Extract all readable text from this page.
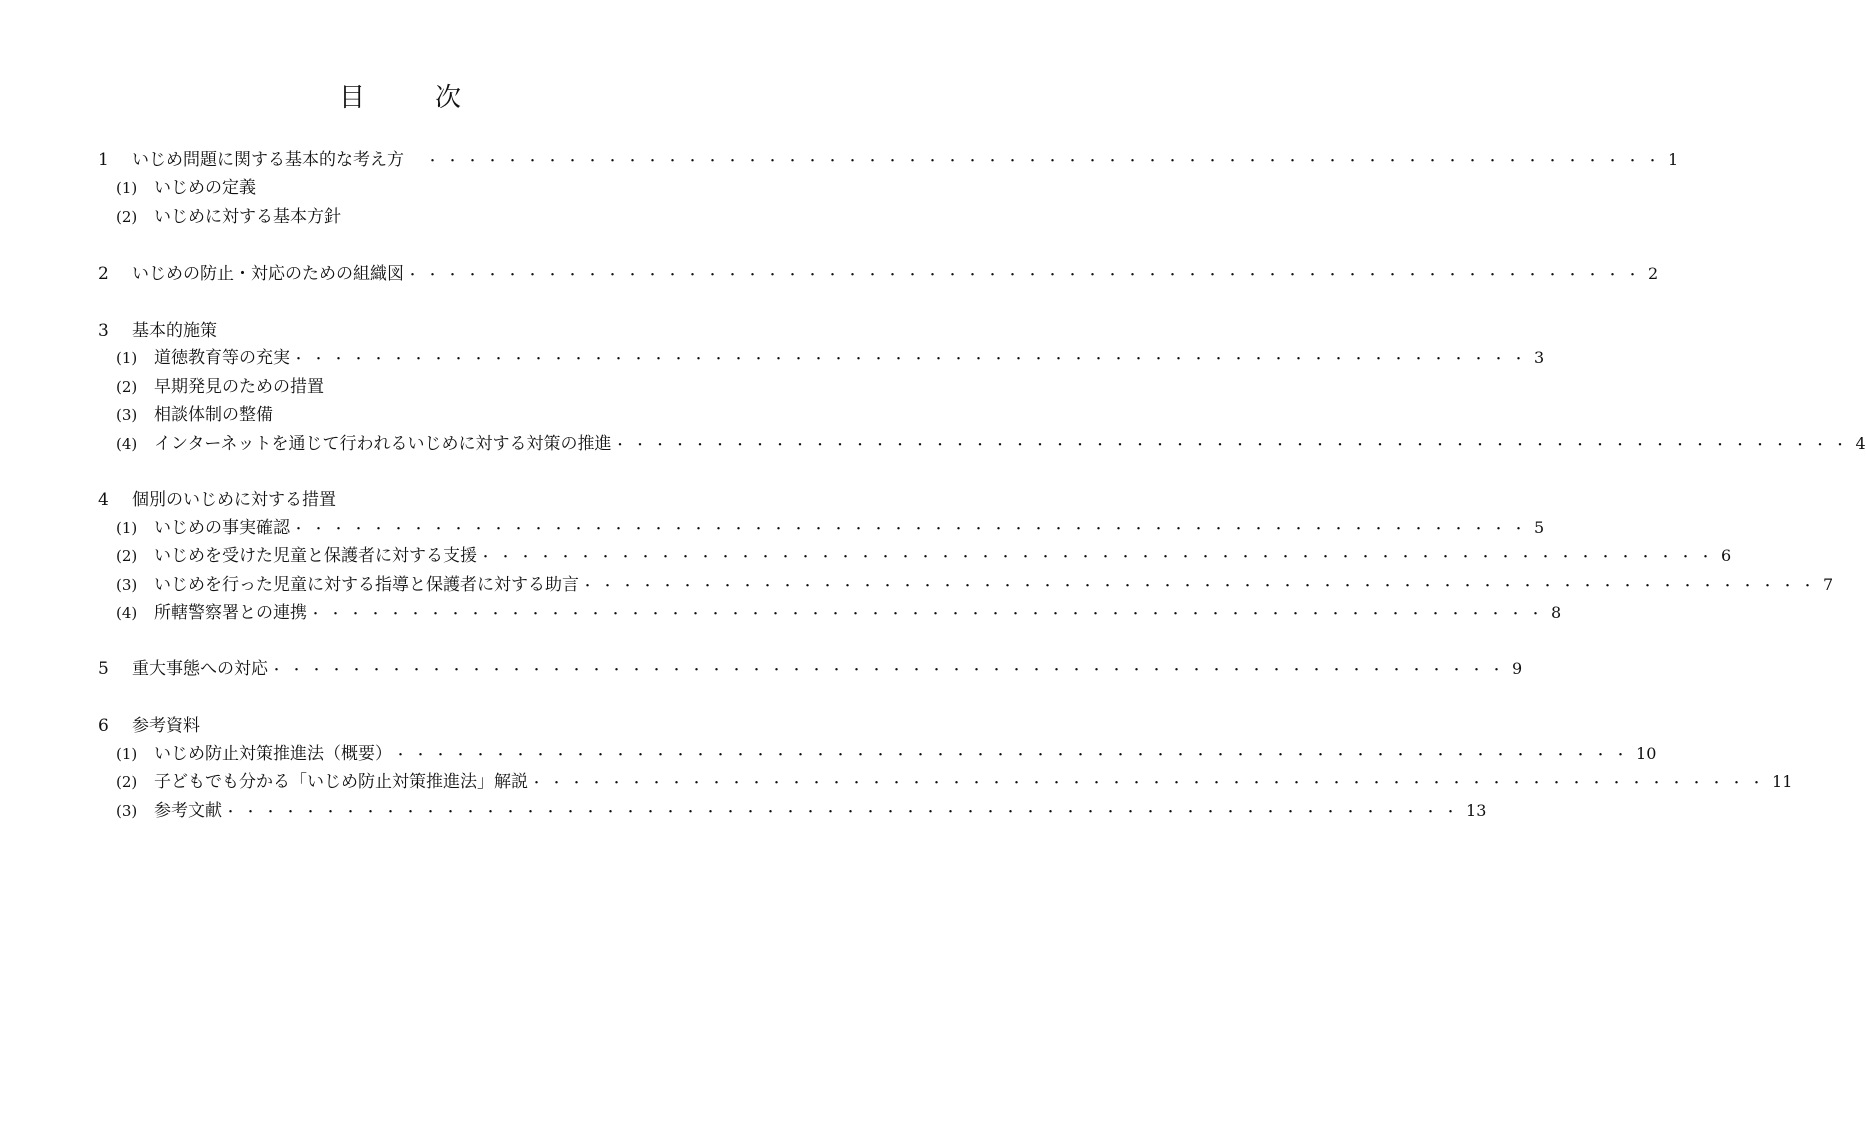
目　次
1	いじめ問題に関する基本的な考え方 ・・・・・・・・・・・・・・・・・・・・・・・・・・・・・・・・・・・・・・・・・・・・・・・・・・・・・・・・・・・・・・ 1
(1) いじめの定義
(2) いじめに対する基本方針
2	いじめの防止・対応のための組織図 ・・・・・・・・・・・・・・・・・・・・・・・・・・・・・・・・・・・・・・・・・・・・・・・・・・・・・・・・・・・・・・ 2
3	基本的施策
(1) 道徳教育等の充実 ・・・・・・・・・・・・・・・・・・・・・・・・・・・・・・・・・・・・・・・・・・・・・・・・・・・・・・・・・・・・・・ 3
(2) 早期発見のための措置
(3) 相談体制の整備
(4) インターネットを通じて行われるいじめに対する対策の推進 ・・・・・・・・・・・・・・・・・・・・・・・・・・・・・・・・・・・・・・・・・・・・・・・・・・・・・・・・・・・・・・ 4
4	個別のいじめに対する措置
(1) いじめの事実確認 ・・・・・・・・・・・・・・・・・・・・・・・・・・・・・・・・・・・・・・・・・・・・・・・・・・・・・・・・・・・・・・ 5
(2) いじめを受けた児童と保護者に対する支援 ・・・・・・・・・・・・・・・・・・・・・・・・・・・・・・・・・・・・・・・・・・・・・・・・・・・・・・・・・・・・・・ 6
(3) いじめを行った児童に対する指導と保護者に対する助言 ・・・・・・・・・・・・・・・・・・・・・・・・・・・・・・・・・・・・・・・・・・・・・・・・・・・・・・・・・・・・・・ 7
(4) 所轄警察署との連携 ・・・・・・・・・・・・・・・・・・・・・・・・・・・・・・・・・・・・・・・・・・・・・・・・・・・・・・・・・・・・・・ 8
5	重大事態への対応 ・・・・・・・・・・・・・・・・・・・・・・・・・・・・・・・・・・・・・・・・・・・・・・・・・・・・・・・・・・・・・・ 9
6	参考資料
(1) いじめ防止対策推進法（概要） ・・・・・・・・・・・・・・・・・・・・・・・・・・・・・・・・・・・・・・・・・・・・・・・・・・・・・・・・・・・・・・ 10
(2) 子どもでも分かる「いじめ防止対策推進法」解説 ・・・・・・・・・・・・・・・・・・・・・・・・・・・・・・・・・・・・・・・・・・・・・・・・・・・・・・・・・・・・・・ 11
(3) 参考文献 ・・・・・・・・・・・・・・・・・・・・・・・・・・・・・・・・・・・・・・・・・・・・・・・・・・・・・・・・・・・・・・ 13
